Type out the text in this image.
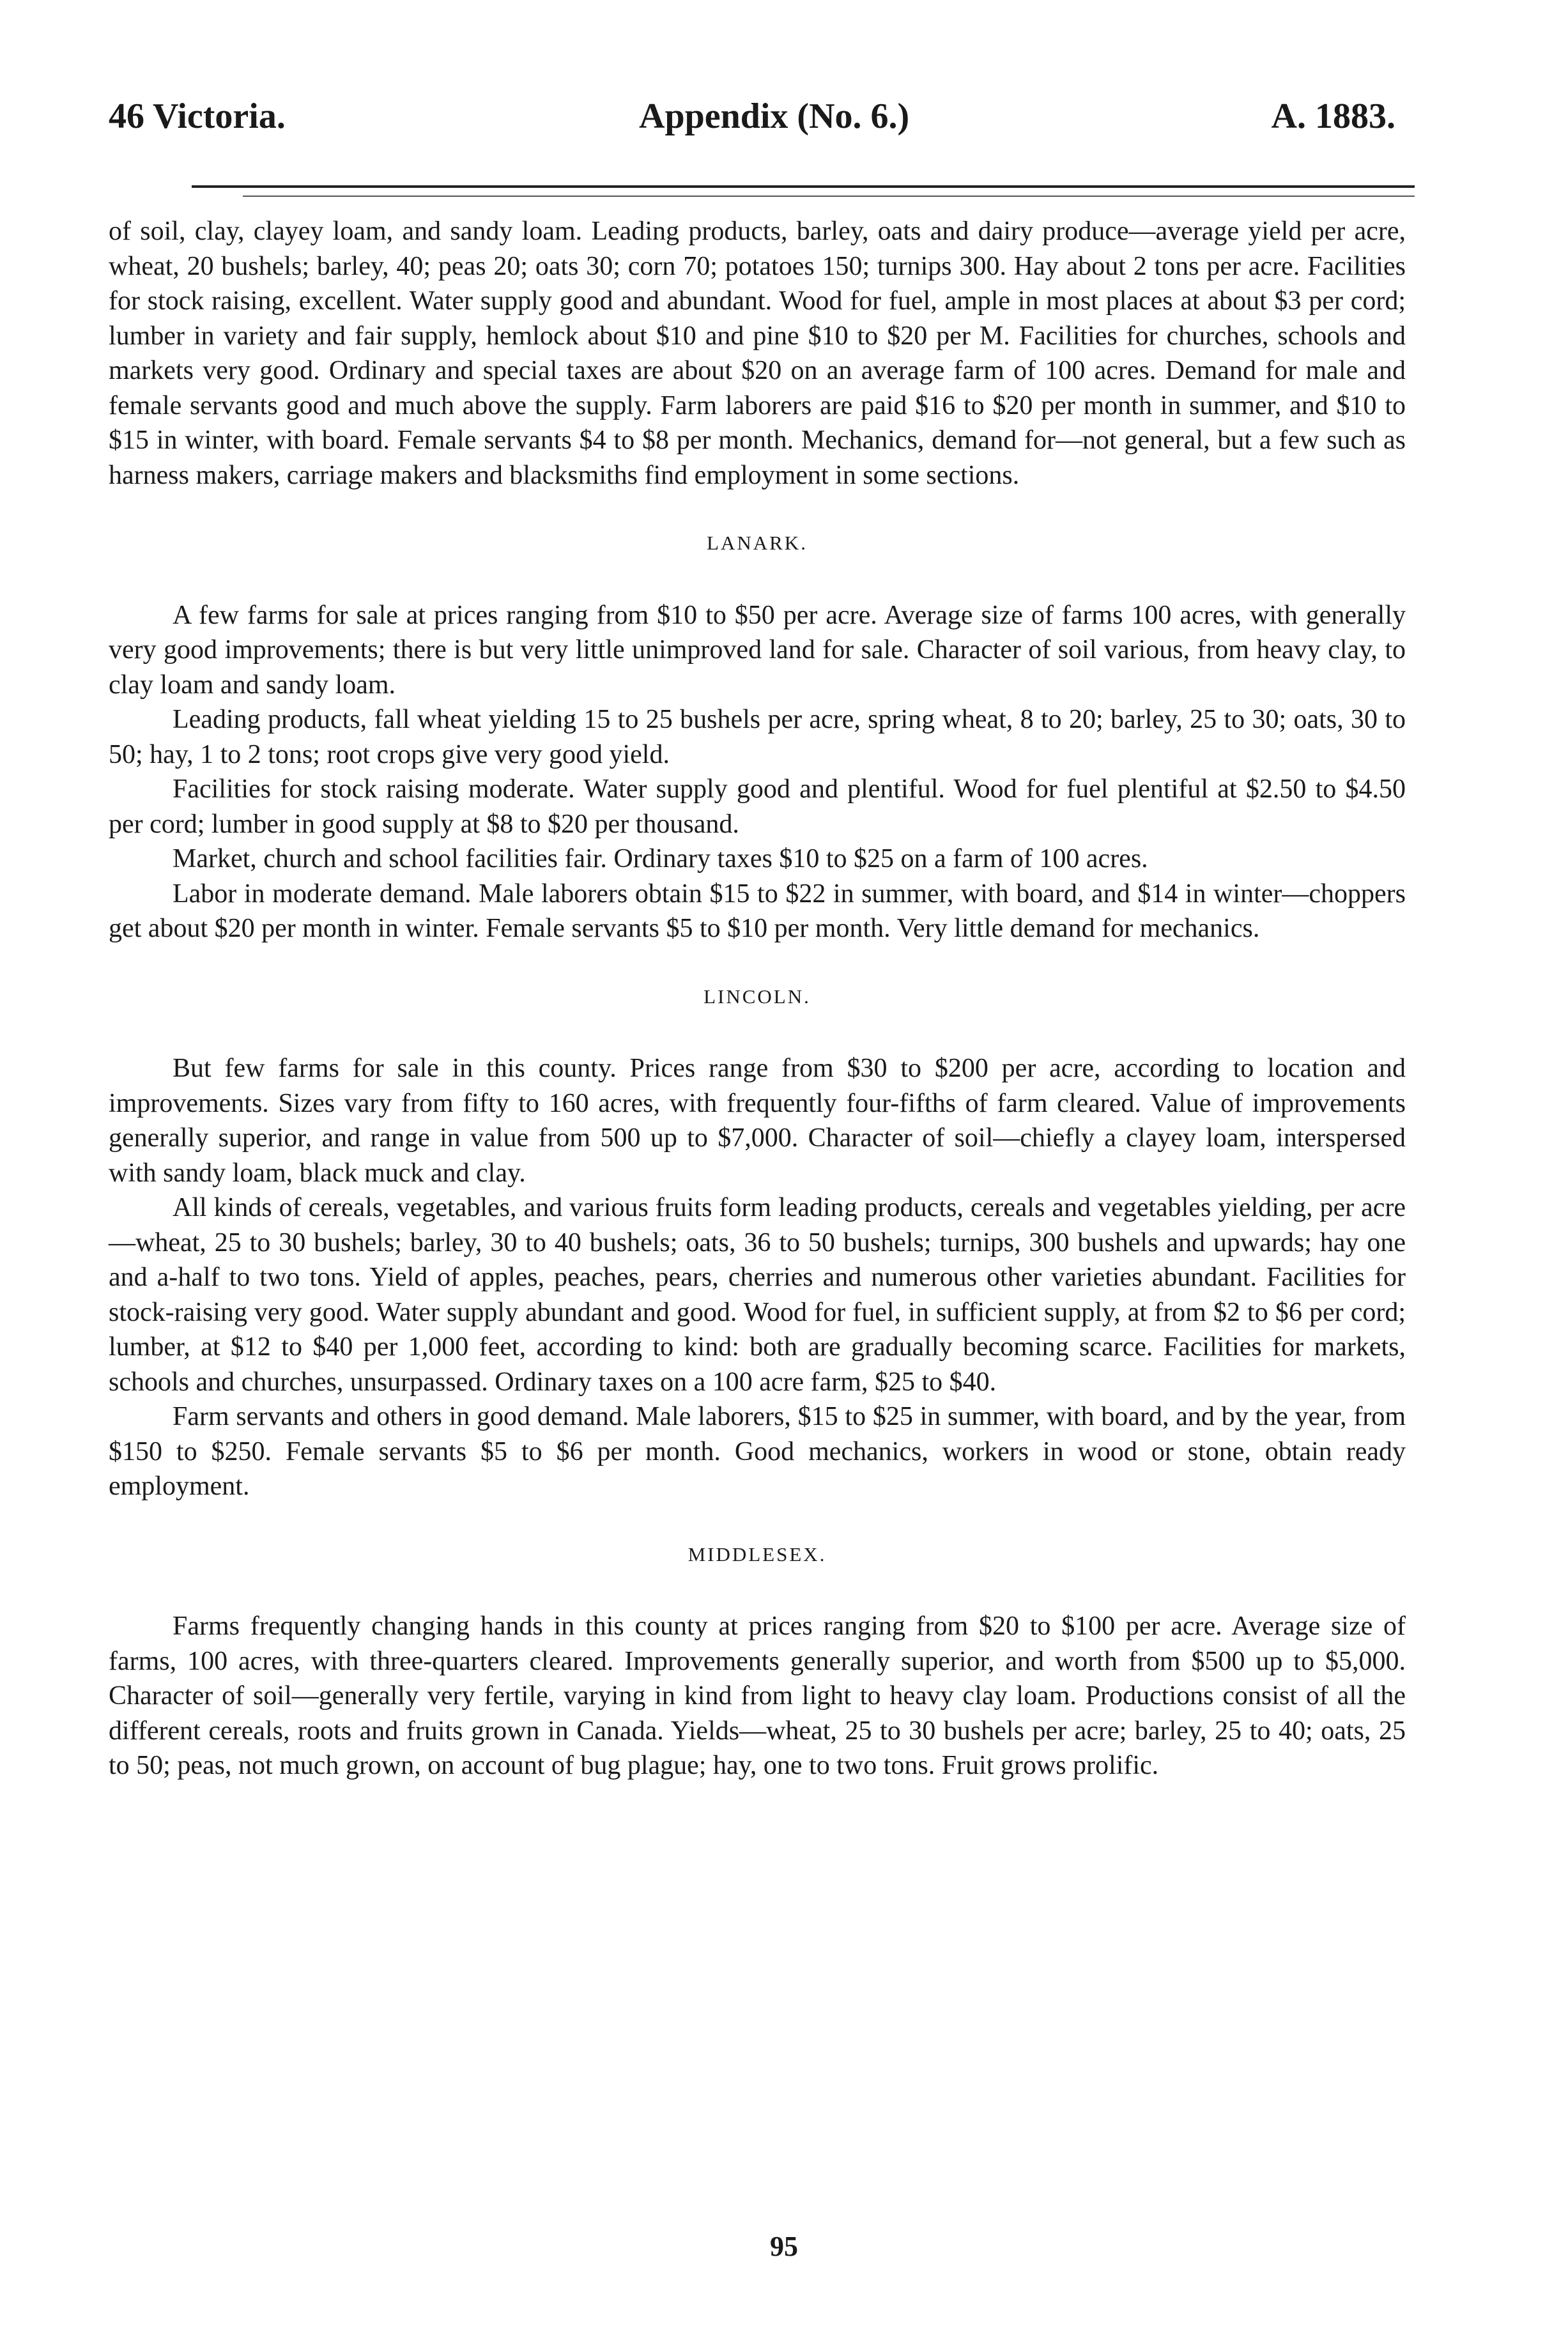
46 Victoria.	Appendix (No. 6.)	A. 1883.

of soil, clay, clayey loam, and sandy loam. Leading products, barley, oats and dairy produce—average yield per acre, wheat, 20 bushels; barley, 40; peas 20; oats 30; corn 70; potatoes 150; turnips 300. Hay about 2 tons per acre. Facilities for stock raising, excellent. Water supply good and abundant. Wood for fuel, ample in most places at about $3 per cord; lumber in variety and fair supply, hemlock about $10 and pine $10 to $20 per M. Facilities for churches, schools and markets very good. Ordinary and special taxes are about $20 on an average farm of 100 acres. Demand for male and female servants good and much above the supply. Farm laborers are paid $16 to $20 per month in summer, and $10 to $15 in winter, with board. Female servants $4 to $8 per month. Mechanics, demand for—not general, but a few such as harness makers, carriage makers and blacksmiths find employment in some sections.

LANARK.

A few farms for sale at prices ranging from $10 to $50 per acre. Average size of farms 100 acres, with generally very good improvements; there is but very little unimproved land for sale. Character of soil various, from heavy clay, to clay loam and sandy loam.

Leading products, fall wheat yielding 15 to 25 bushels per acre, spring wheat, 8 to 20; barley, 25 to 30; oats, 30 to 50; hay, 1 to 2 tons; root crops give very good yield.

Facilities for stock raising moderate. Water supply good and plentiful. Wood for fuel plentiful at $2.50 to $4.50 per cord; lumber in good supply at $8 to $20 per thousand.

Market, church and school facilities fair. Ordinary taxes $10 to $25 on a farm of 100 acres.

Labor in moderate demand. Male laborers obtain $15 to $22 in summer, with board, and $14 in winter—choppers get about $20 per month in winter. Female servants $5 to $10 per month. Very little demand for mechanics.

LINCOLN.

But few farms for sale in this county. Prices range from $30 to $200 per acre, according to location and improvements. Sizes vary from fifty to 160 acres, with frequently four-fifths of farm cleared. Value of improvements generally superior, and range in value from 500 up to $7,000. Character of soil—chiefly a clayey loam, interspersed with sandy loam, black muck and clay.

All kinds of cereals, vegetables, and various fruits form leading products, cereals and vegetables yielding, per acre—wheat, 25 to 30 bushels; barley, 30 to 40 bushels; oats, 36 to 50 bushels; turnips, 300 bushels and upwards; hay one and a-half to two tons. Yield of apples, peaches, pears, cherries and numerous other varieties abundant. Facilities for stock-raising very good. Water supply abundant and good. Wood for fuel, in sufficient supply, at from $2 to $6 per cord; lumber, at $12 to $40 per 1,000 feet, according to kind: both are gradually becoming scarce. Facilities for markets, schools and churches, unsurpassed. Ordinary taxes on a 100 acre farm, $25 to $40.

Farm servants and others in good demand. Male laborers, $15 to $25 in summer, with board, and by the year, from $150 to $250. Female servants $5 to $6 per month. Good mechanics, workers in wood or stone, obtain ready employment.

MIDDLESEX.

Farms frequently changing hands in this county at prices ranging from $20 to $100 per acre. Average size of farms, 100 acres, with three-quarters cleared. Improvements generally superior, and worth from $500 up to $5,000. Character of soil—generally very fertile, varying in kind from light to heavy clay loam. Productions consist of all the different cereals, roots and fruits grown in Canada. Yields—wheat, 25 to 30 bushels per acre; barley, 25 to 40; oats, 25 to 50; peas, not much grown, on account of bug plague; hay, one to two tons. Fruit grows prolific.

95
